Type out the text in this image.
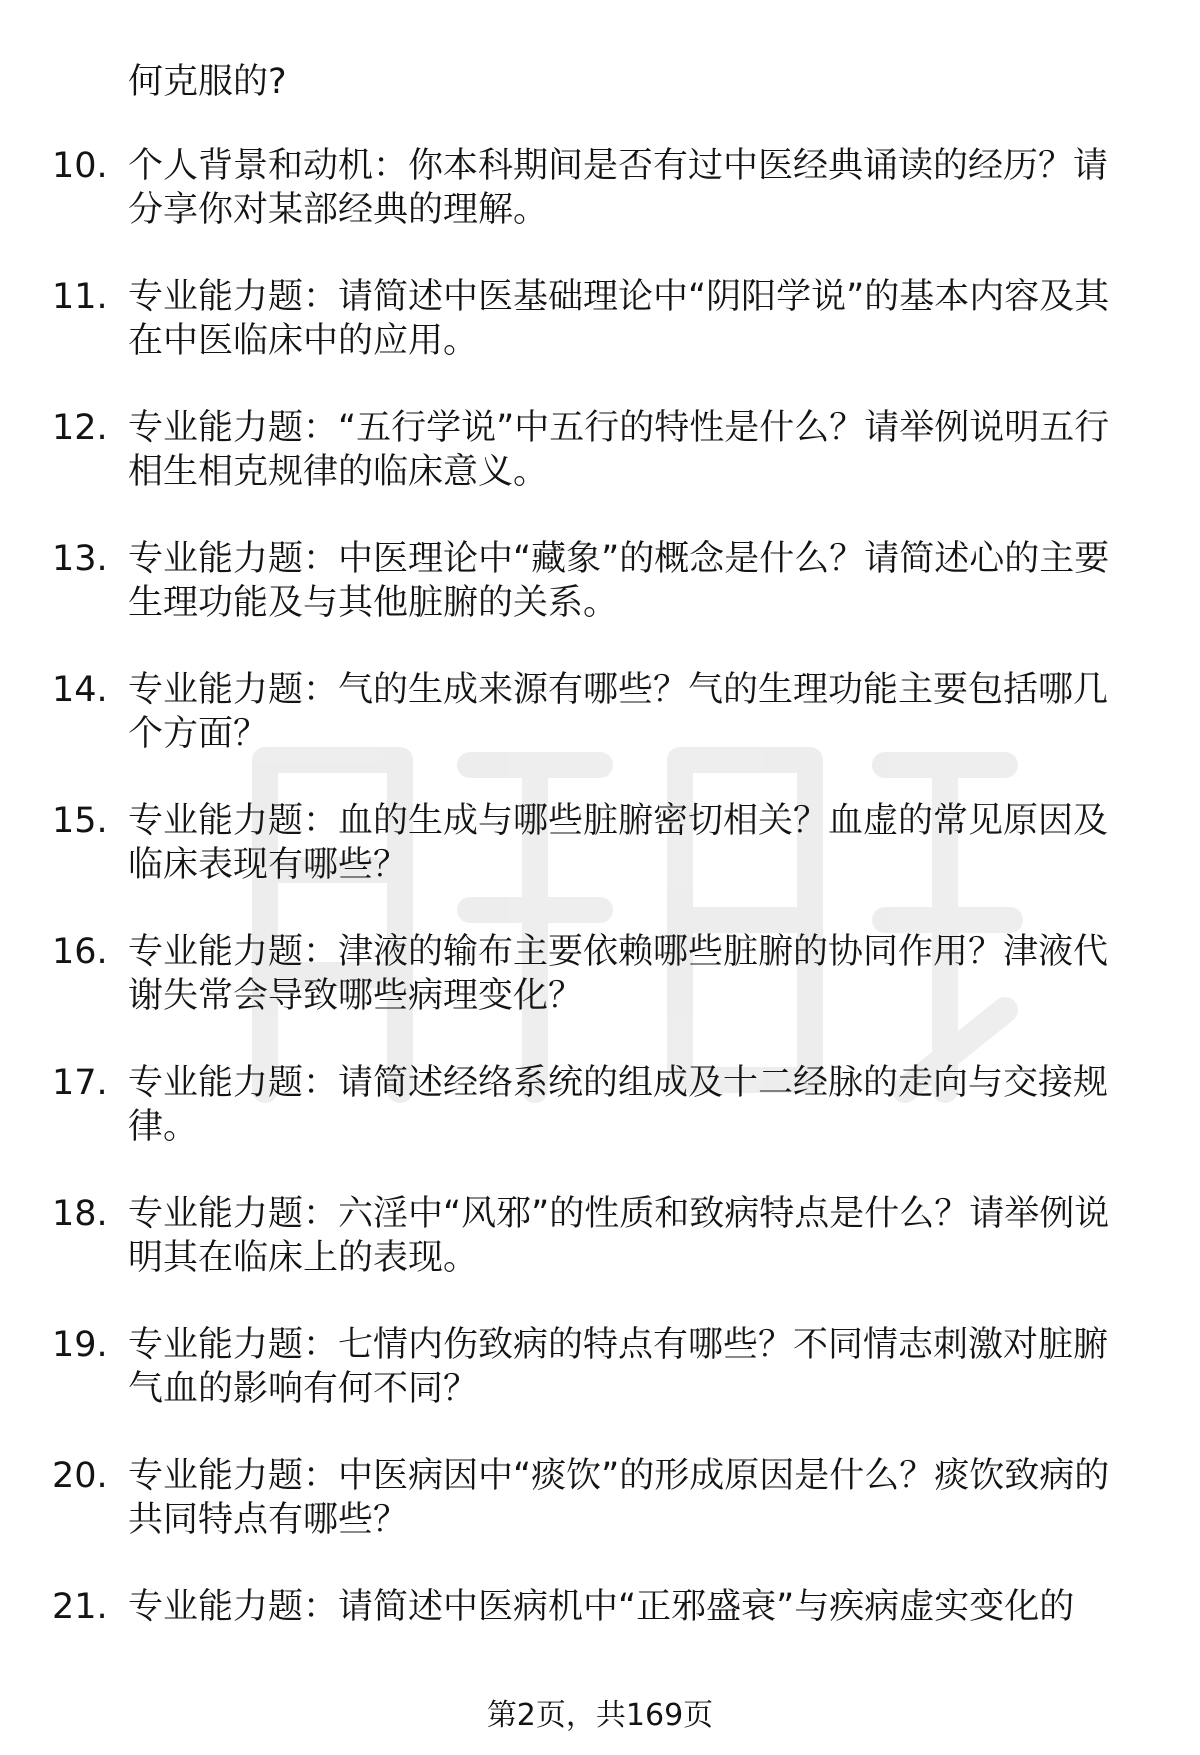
何克服的?
10. 个人背景和动机：你本科期间是否有过中医经典诵读的经历？请分享你对某部经典的理解。
11. 专业能力题：请简述中医基础理论中“阴阳学说”的基本内容及其在中医临床中的应用。
12. 专业能力题：“五行学说”中五行的特性是什么？请举例说明五行相生相克规律的临床意义。
13. 专业能力题：中医理论中“藏象”的概念是什么？请简述心的主要生理功能及与其他脏腑的关系。
14. 专业能力题：气的生成来源有哪些？气的生理功能主要包括哪几个方面？
15. 专业能力题：血的生成与哪些脏腑密切相关？血虚的常见原因及临床表现有哪些？
16. 专业能力题：津液的输布主要依赖哪些脏腑的协同作用？津液代谢失常会导致哪些病理变化？
17. 专业能力题：请简述经络系统的组成及十二经脉的走向与交接规律。
18. 专业能力题：六淫中“风邪”的性质和致病特点是什么？请举例说明其在临床上的表现。
19. 专业能力题：七情内伤致病的特点有哪些？不同情志刺激对脏腑气血的影响有何不同？
20. 专业能力题：中医病因中“痰饮”的形成原因是什么？痰饮致病的共同特点有哪些？
21. 专业能力题：请简述中医病机中“正邪盛衰”与疾病虚实变化的
第2页，共169页
